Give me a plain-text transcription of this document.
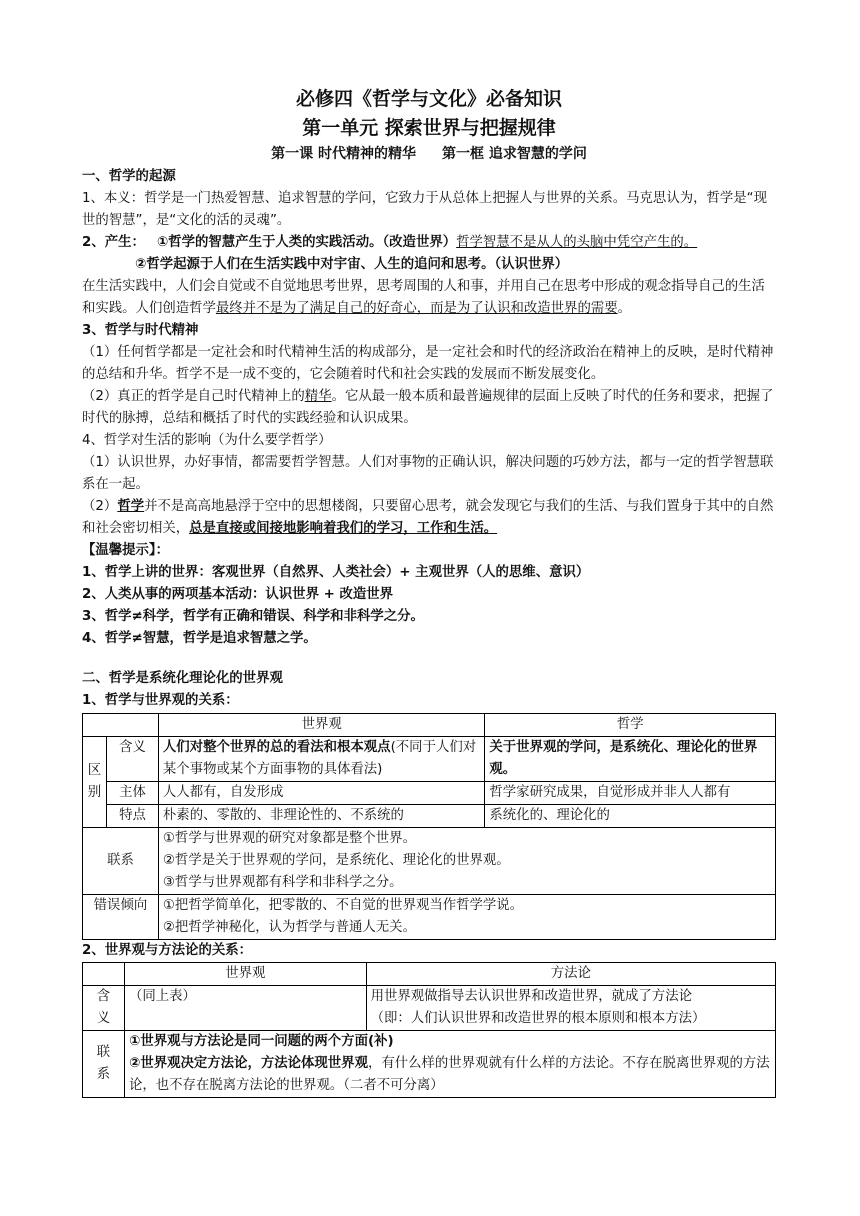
必修四《哲学与文化》必备知识

第一单元 探索世界与把握规律

第一课 时代精神的精华 第一框 追求智慧的学问

一、哲学的起源

1、本义：哲学是一门热爱智慧、追求智慧的学问，它致力于从总体上把握人与世界的关系。马克思认为，哲学是“现世的智慧”，是“文化的活的灵魂”。

2、产生： ①哲学的智慧产生于人类的实践活动。（改造世界）哲学智慧不是从人的头脑中凭空产生的。

②哲学起源于人们在生活实践中对宇宙、人生的追问和思考。（认识世界）

在生活实践中，人们会自觉或不自觉地思考世界，思考周围的人和事，并用自己在思考中形成的观念指导自己的生活和实践。人们创造哲学最终并不是为了满足自己的好奇心，而是为了认识和改造世界的需要。

3、哲学与时代精神

（1）任何哲学都是一定社会和时代精神生活的构成部分，是一定社会和时代的经济政治在精神上的反映，是时代精神的总结和升华。哲学不是一成不变的，它会随着时代和社会实践的发展而不断发展变化。

（2）真正的哲学是自己时代精神上的精华。它从最一般本质和最普遍规律的层面上反映了时代的任务和要求，把握了时代的脉搏，总结和概括了时代的实践经验和认识成果。

4、哲学对生活的影响（为什么要学哲学）

（1）认识世界，办好事情，都需要哲学智慧。人们对事物的正确认识，解决问题的巧妙方法，都与一定的哲学智慧联系在一起。

（2）哲学并不是高高地悬浮于空中的思想楼阁，只要留心思考，就会发现它与我们的生活、与我们置身于其中的自然和社会密切相关，总是直接或间接地影响着我们的学习，工作和生活。

【温馨提示】：

1、哲学上讲的世界：客观世界（自然界、人类社会）+ 主观世界（人的思维、意识）

2、人类从事的两项基本活动：认识世界 + 改造世界

3、哲学≠科学，哲学有正确和错误、科学和非科学之分。

4、哲学≠智慧，哲学是追求智慧之学。

二、哲学是系统化理论化的世界观

1、哲学与世界观的关系：

		世界观	哲学
区别	含义	人们对整个世界的总的看法和根本观点(不同于人们对某个事物或某个方面事物的具体看法)	关于世界观的学问，是系统化、理论化的世界观。
	主体	人人都有，自发形成	哲学家研究成果，自觉形成并非人人都有
	特点	朴素的、零散的、非理论性的、不系统的	系统化的、理论化的
联系		①哲学与世界观的研究对象都是整个世界。
②哲学是关于世界观的学问，是系统化、理论化的世界观。
③哲学与世界观都有科学和非科学之分。	

错误倾向		①把哲学简单化，把零散的、不自觉的世界观当作哲学学说。
②把哲学神秘化，认为哲学与普通人无关。	

2、世界观与方法论的关系：

	世界观	方法论
含义	（同上表）	用世界观做指导去认识世界和改造世界，就成了方法论
（即：人们认识世界和改造世界的根本原则和根本方法）

联系	①世界观与方法论是同一问题的两个方面(补)
②世界观决定方法论，方法论体现世界观，有什么样的世界观就有什么样的方法论。不存在脱离世界观的方法论，也不存在脱离方法论的世界观。（二者不可分离）	
